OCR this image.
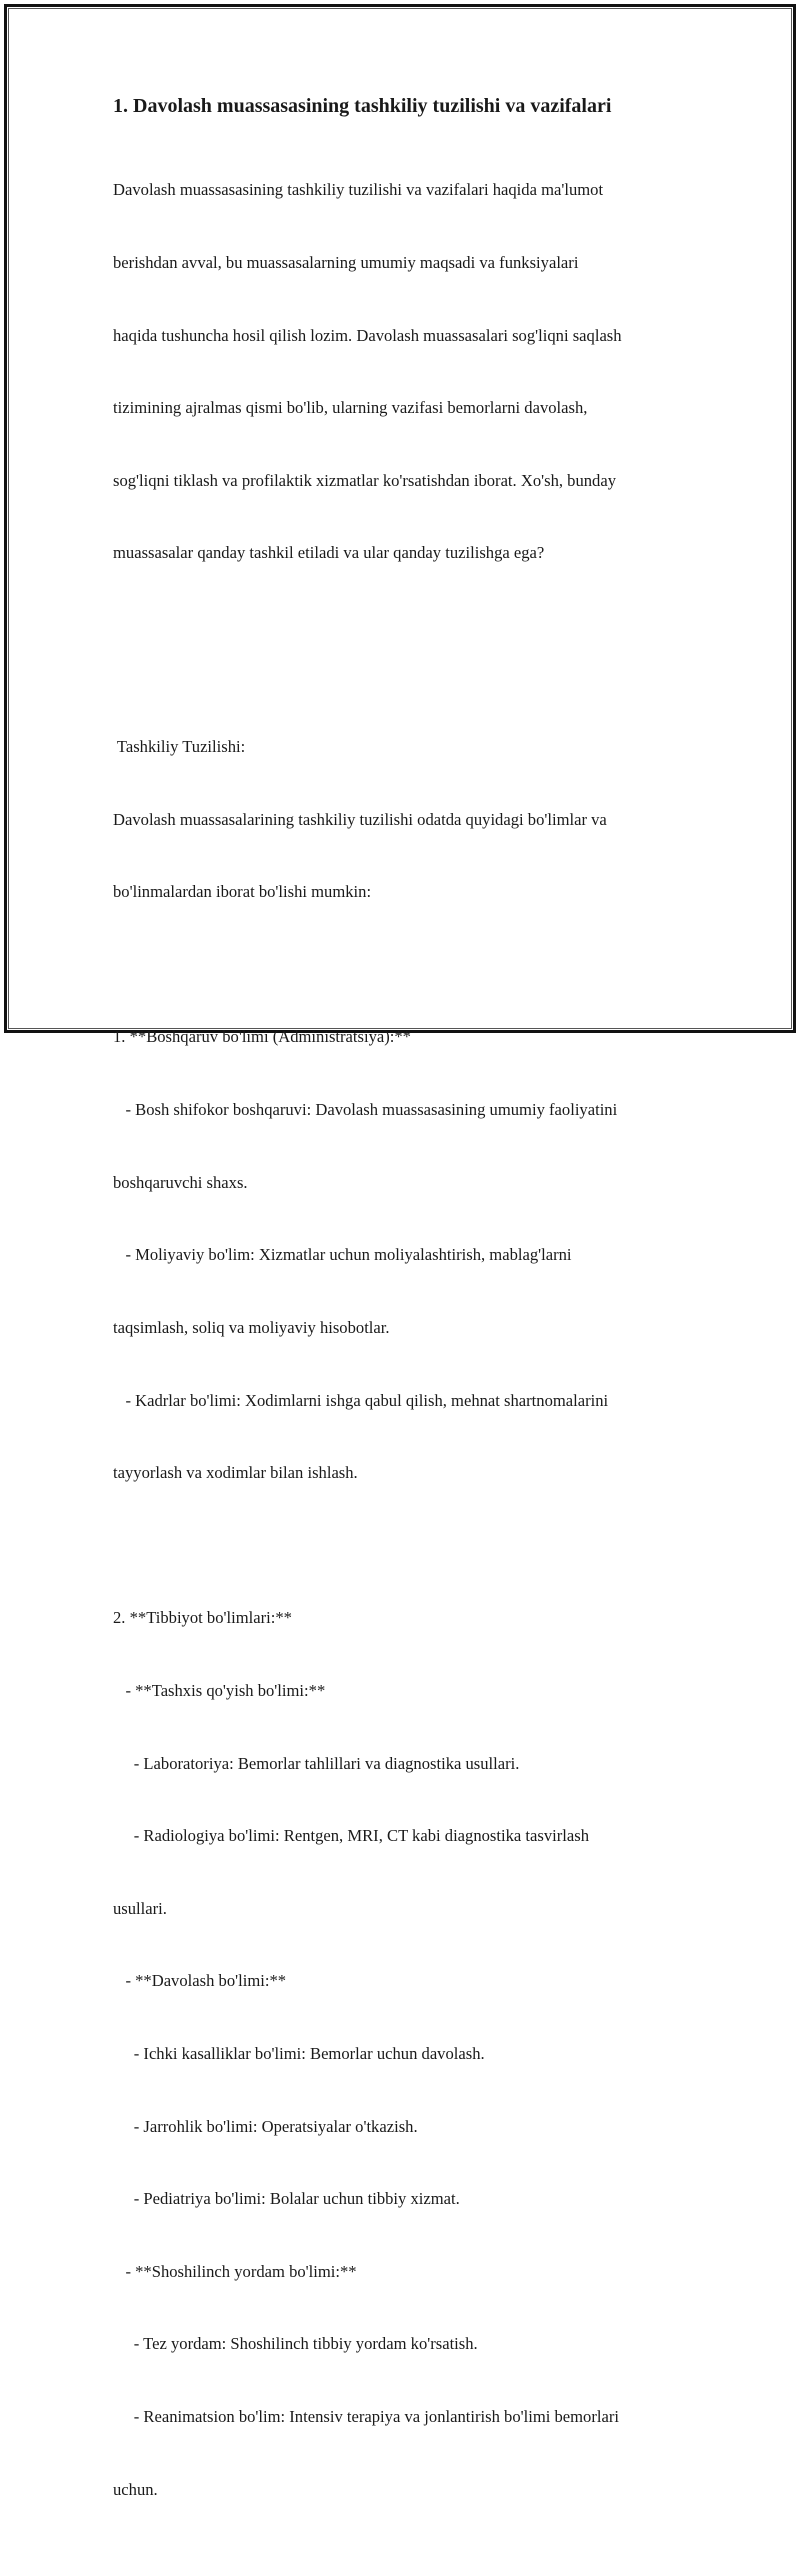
1. Davolash muassasasining tashkiliy tuzilishi va vazifalari

Davolash muassasasining tashkiliy tuzilishi va vazifalari haqida ma'lumot

berishdan avval, bu muassasalarning umumiy maqsadi va funksiyalari

haqida tushuncha hosil qilish lozim. Davolash muassasalari sog'liqni saqlash

tizimining ajralmas qismi bo'lib, ularning vazifasi bemorlarni davolash,

sog'liqni tiklash va profilaktik xizmatlar ko'rsatishdan iborat. Xo'sh, bunday

muassasalar qanday tashkil etiladi va ular qanday tuzilishga ega?

Tashkiliy Tuzilishi:

Davolash muassasalarining tashkiliy tuzilishi odatda quyidagi bo'limlar va

bo'linmalardan iborat bo'lishi mumkin:

1. **Boshqaruv bo'limi (Administratsiya):**

- Bosh shifokor boshqaruvi: Davolash muassasasining umumiy faoliyatini

boshqaruvchi shaxs.

- Moliyaviy bo'lim: Xizmatlar uchun moliyalashtirish, mablag'larni

taqsimlash, soliq va moliyaviy hisobotlar.

- Kadrlar bo'limi: Xodimlarni ishga qabul qilish, mehnat shartnomalarini

tayyorlash va xodimlar bilan ishlash.

2. **Tibbiyot bo'limlari:**

- **Tashxis qo'yish bo'limi:**

- Laboratoriya: Bemorlar tahlillari va diagnostika usullari.

- Radiologiya bo'limi: Rentgen, MRI, CT kabi diagnostika tasvirlash

usullari.

- **Davolash bo'limi:**

- Ichki kasalliklar bo'limi: Bemorlar uchun davolash.

- Jarrohlik bo'limi: Operatsiyalar o'tkazish.

- Pediatriya bo'limi: Bolalar uchun tibbiy xizmat.

- **Shoshilinch yordam bo'limi:**

- Tez yordam: Shoshilinch tibbiy yordam ko'rsatish.

- Reanimatsion bo'lim: Intensiv terapiya va jonlantirish bo'limi bemorlari

uchun.
